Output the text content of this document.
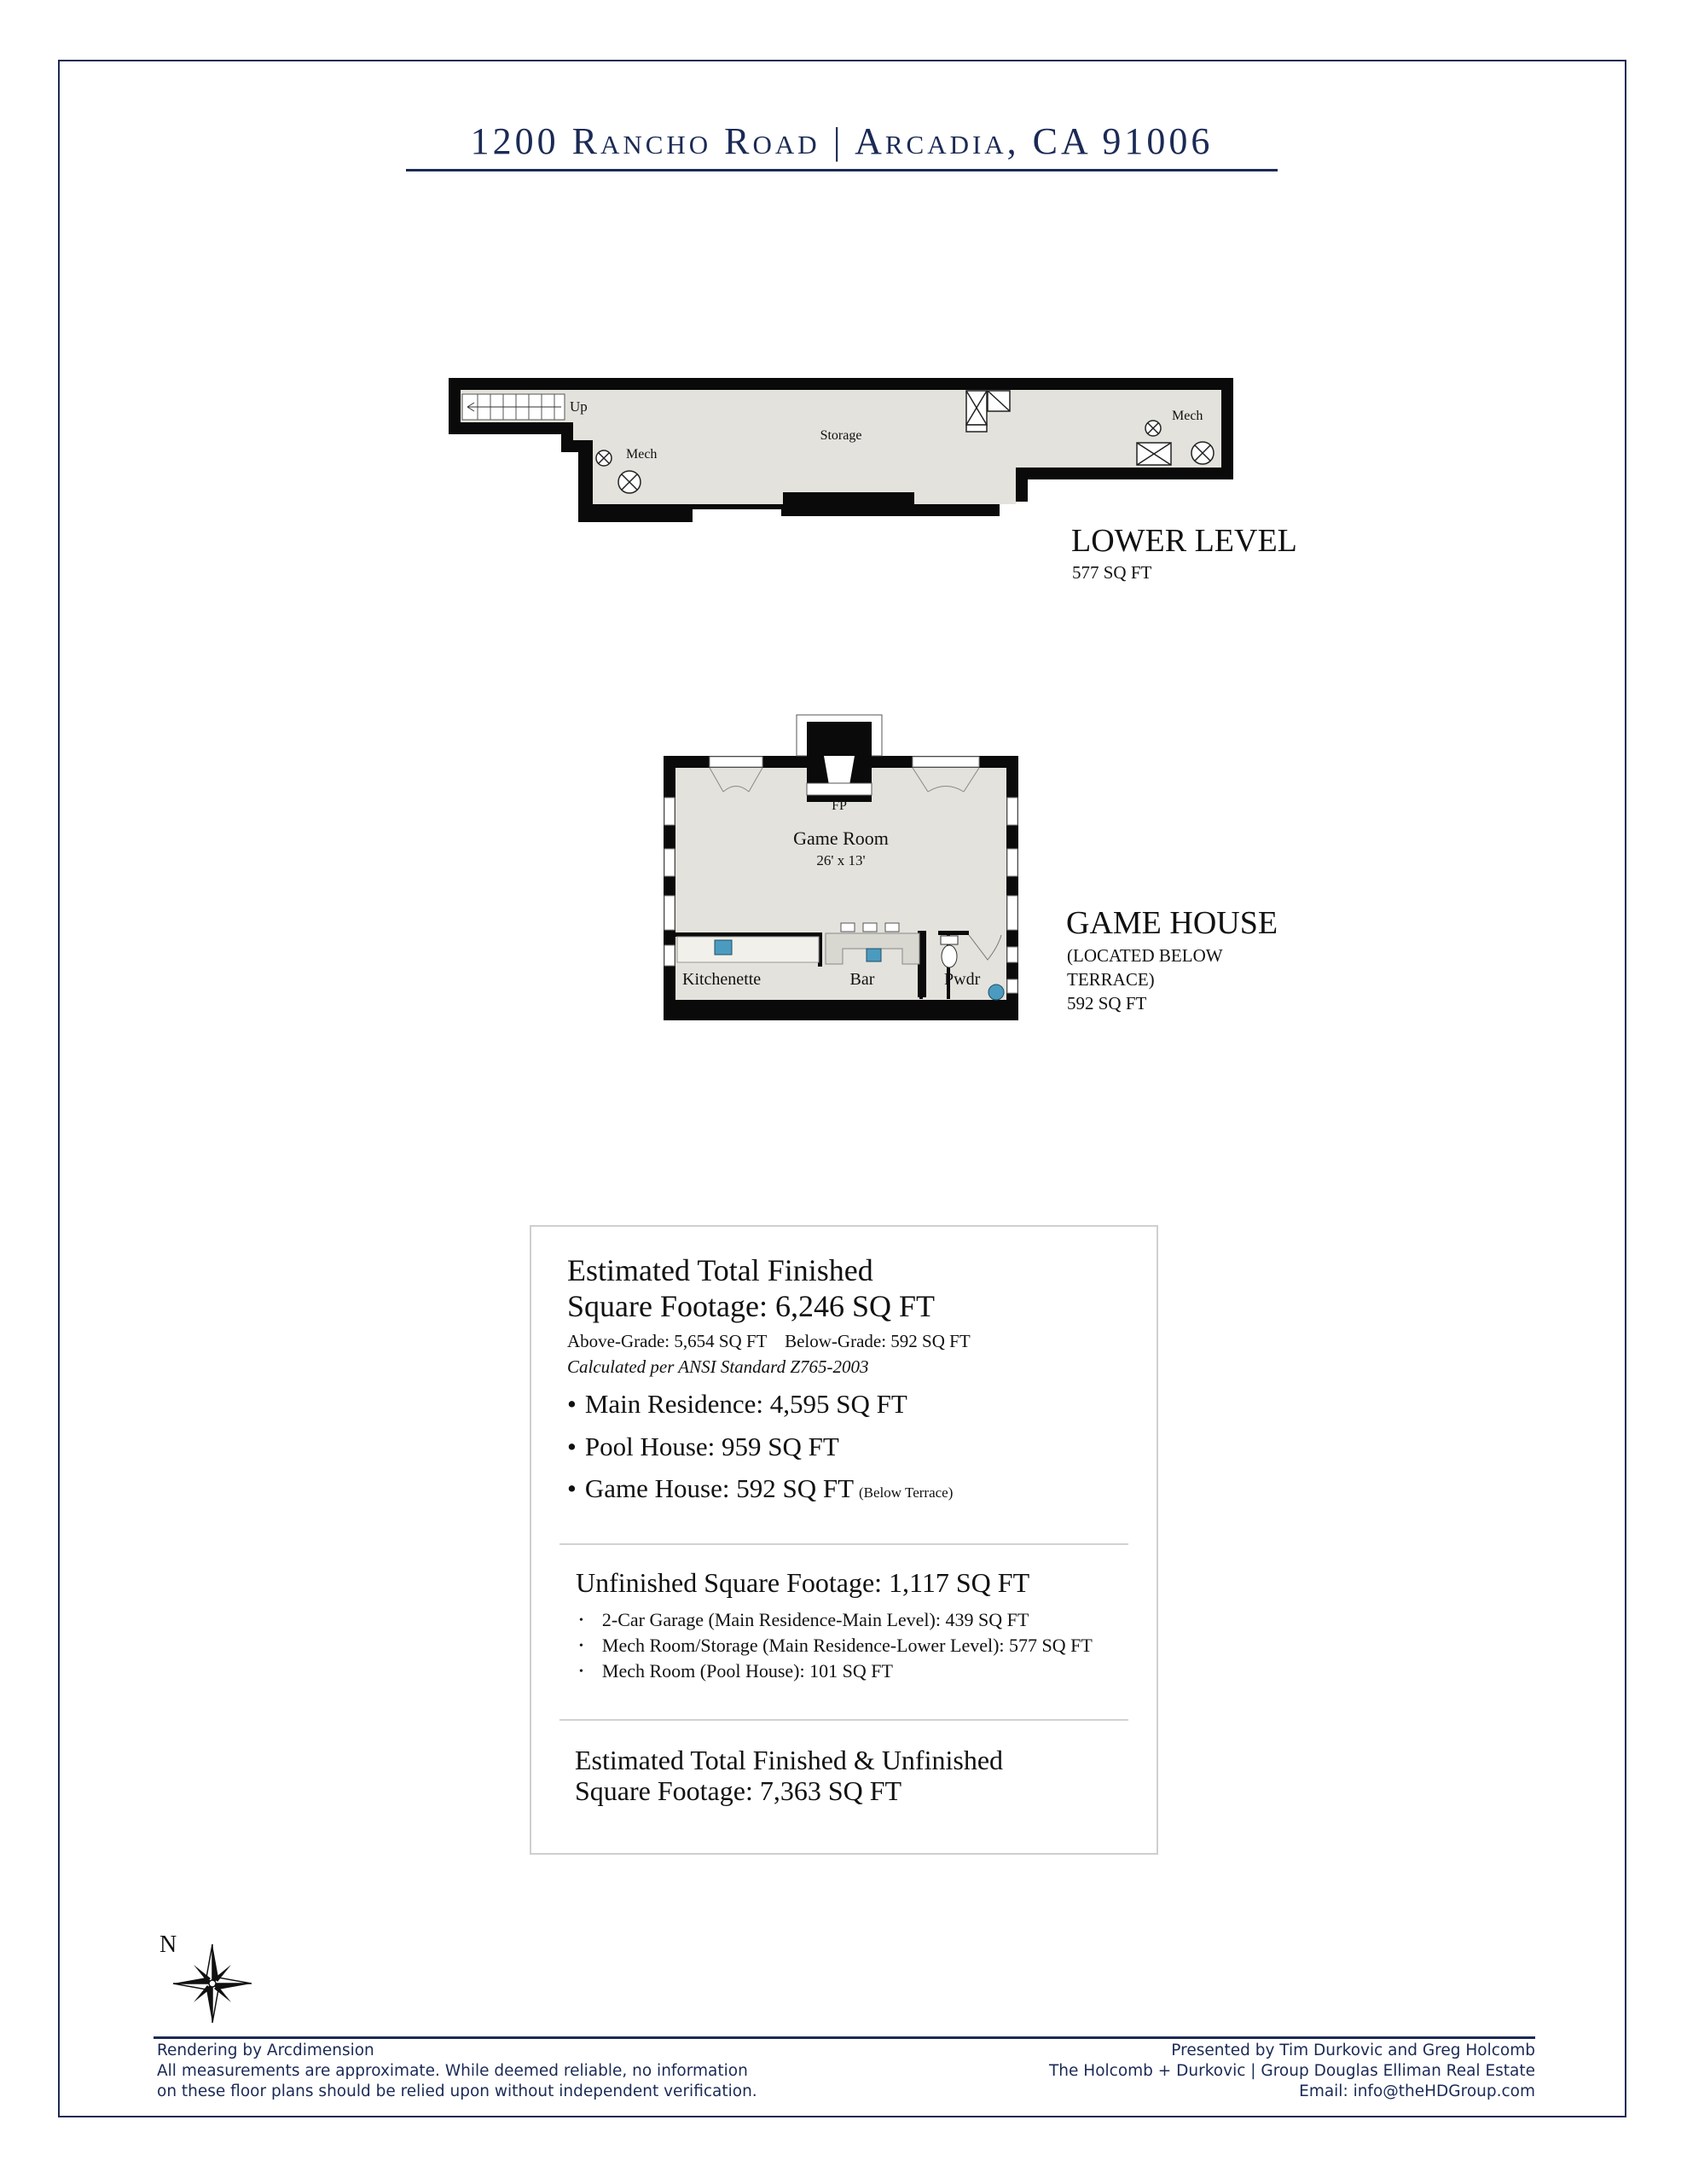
1200 Rancho Road | Arcadia, CA 91006
Up
Storage
Mech
Mech
FP
Game Room
26' x 13'
Kitchenette	Bar	Pwdr
LOWER LEVEL
577 SQ FT
GAME HOUSE
(LOCATED BELOW
TERRACE)
592 SQ FT
Estimated Total Finished
Square Footage: 6,246 SQ FT
Above-Grade: 5,654 SQ FT    Below-Grade: 592 SQ FT
Calculated per ANSI Standard Z765-2003
• Main Residence: 4,595 SQ FT
• Pool House: 959 SQ FT
• Game House: 592 SQ FT (Below Terrace)
Unfinished Square Footage: 1,117 SQ FT
• 2-Car Garage (Main Residence-Main Level): 439 SQ FT
• Mech Room/Storage (Main Residence-Lower Level): 577 SQ FT
• Mech Room (Pool House): 101 SQ FT
Estimated Total Finished & Unfinished
Square Footage: 7,363 SQ FT
N
Rendering by Arcdimension
All measurements are approximate. While deemed reliable, no information
on these floor plans should be relied upon without independent verification.
Presented by Tim Durkovic and Greg Holcomb
The Holcomb + Durkovic | Group Douglas Elliman Real Estate
Email: info@theHDGroup.com
